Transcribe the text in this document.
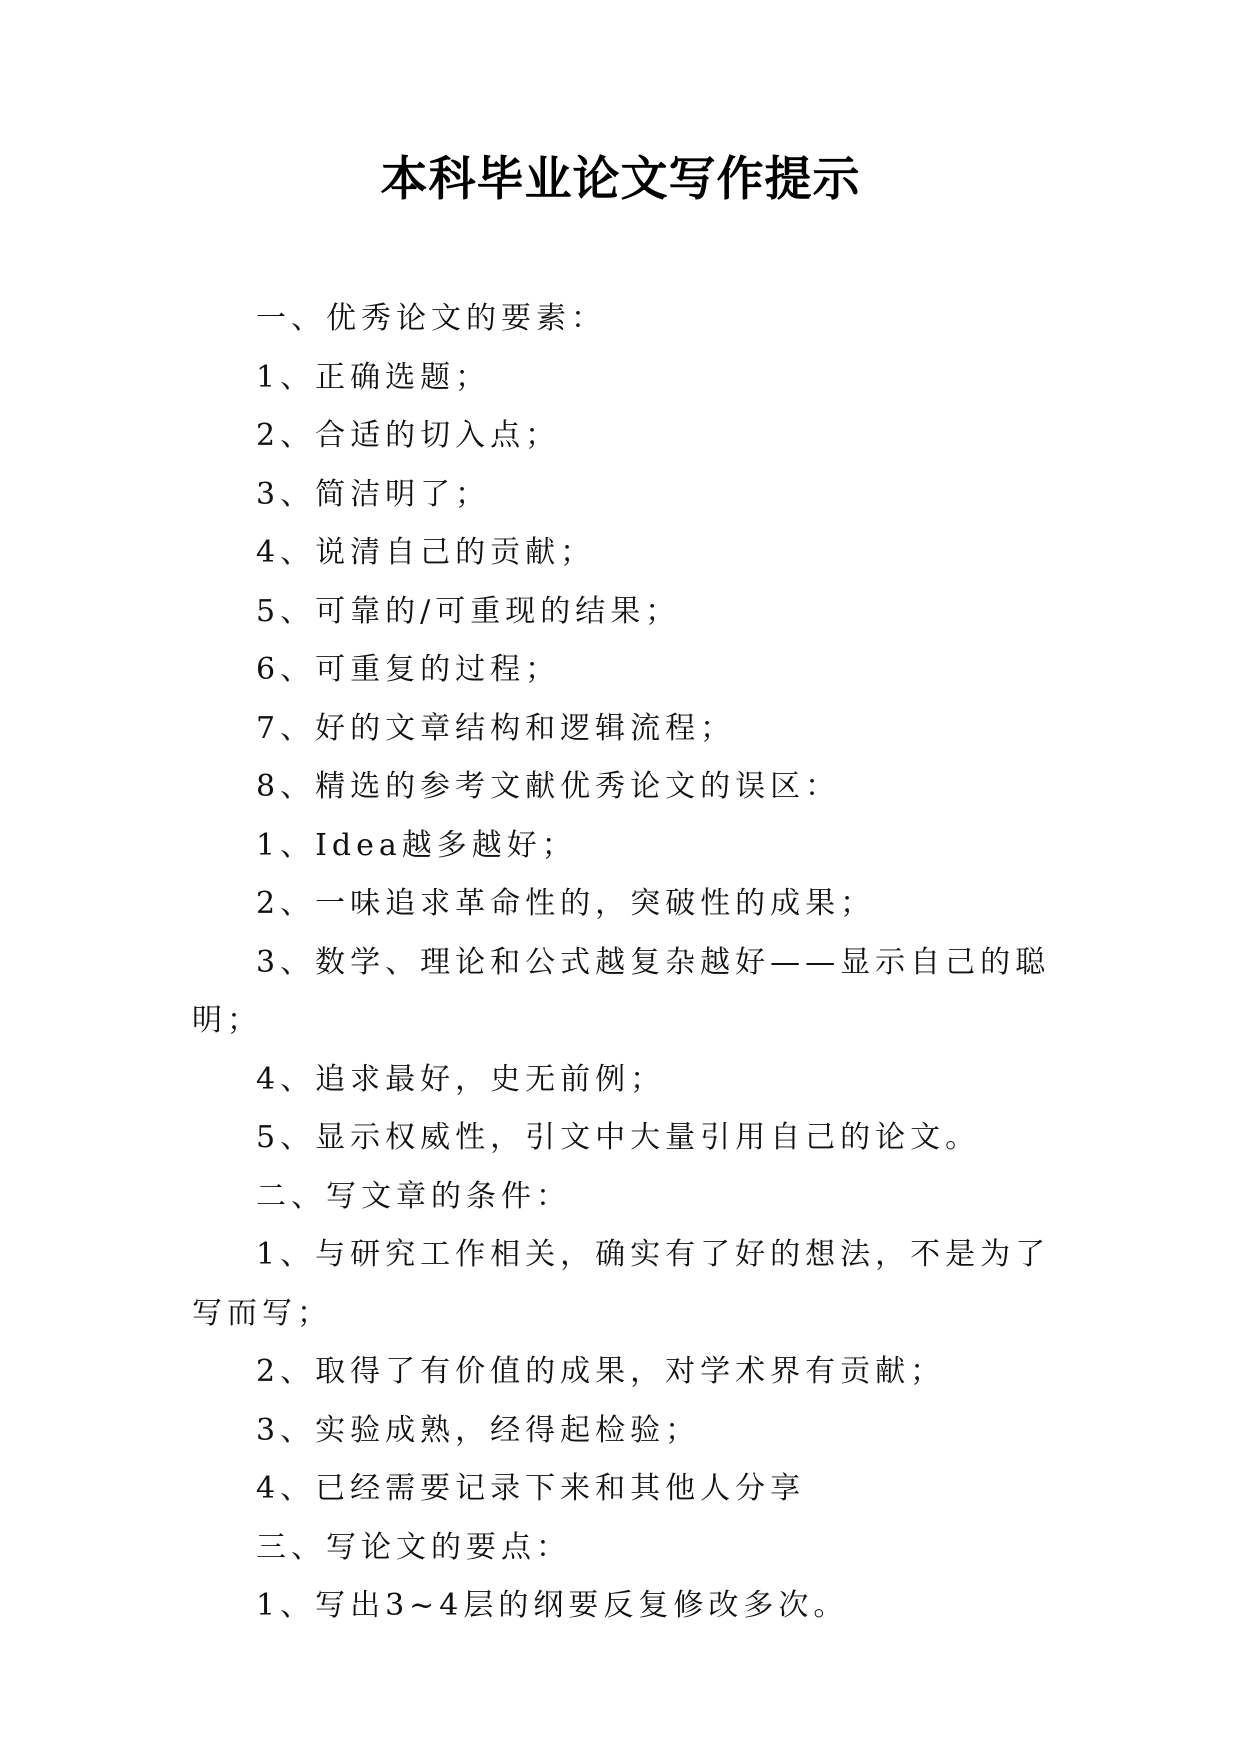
本科毕业论文写作提示

一、优秀论文的要素：

1、正确选题；

2、合适的切入点；

3、简洁明了；

4、说清自己的贡献；

5、可靠的/可重现的结果；

6、可重复的过程；

7、好的文章结构和逻辑流程；

8、精选的参考文献优秀论文的误区：

1、Idea越多越好；

2、一味追求革命性的，突破性的成果；

3、数学、理论和公式越复杂越好——显示自己的聪明；

4、追求最好，史无前例；

5、显示权威性，引文中大量引用自己的论文。

二、写文章的条件：

1、与研究工作相关，确实有了好的想法，不是为了写而写；

2、取得了有价值的成果，对学术界有贡献；

3、实验成熟，经得起检验；

4、已经需要记录下来和其他人分享

三、写论文的要点：

1、写出3~4层的纲要反复修改多次。
